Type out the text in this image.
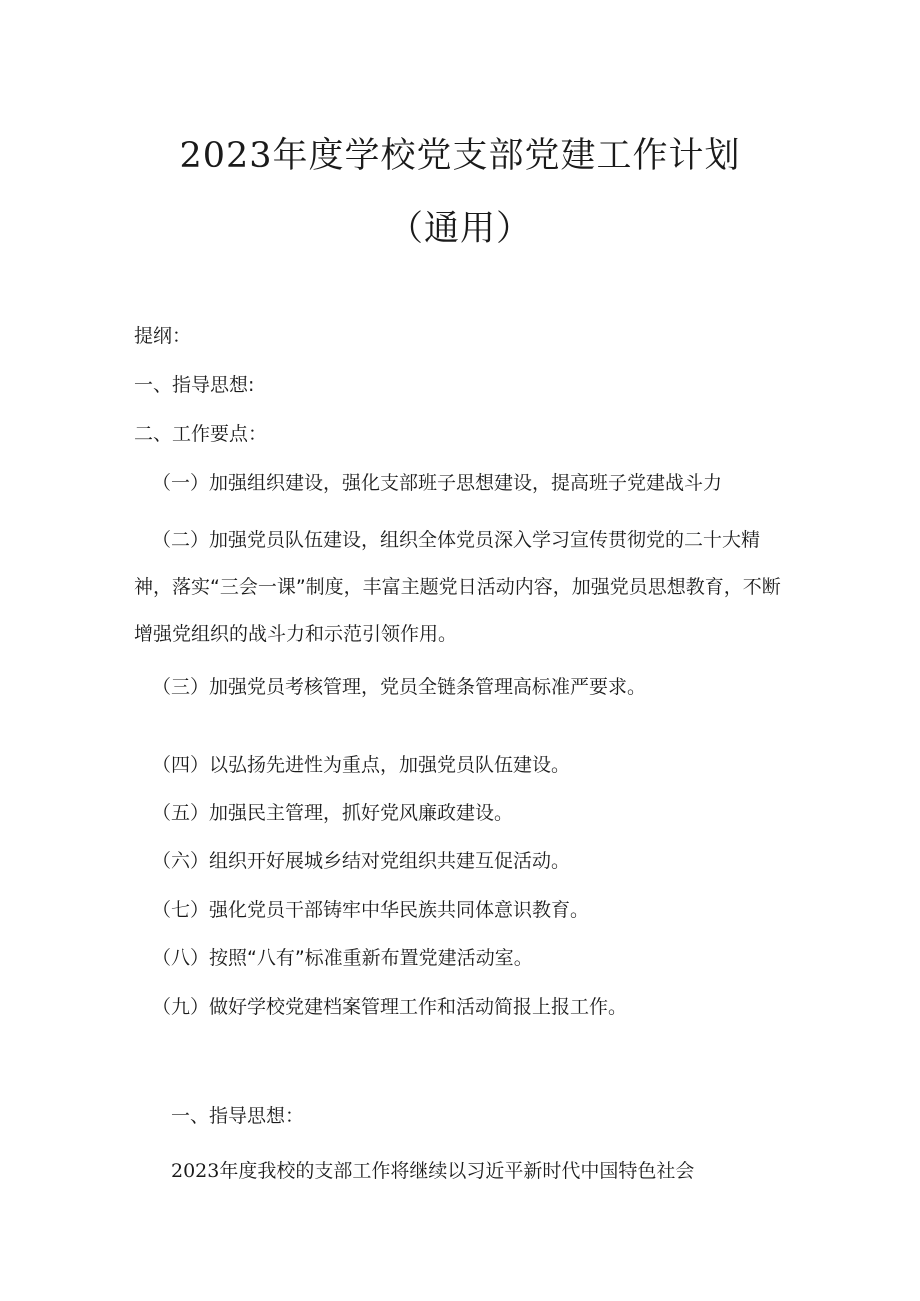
2023年度学校党支部党建工作计划
（通用）
提纲：
一、指导思想:
二、工作要点：
（一）加强组织建设，强化支部班子思想建设，提高班子党建战斗力
（二）加强党员队伍建设，组织全体党员深入学习宣传贯彻党的二十大精神，落实“三会一课”制度，丰富主题党日活动内容，加强党员思想教育，不断增强党组织的战斗力和示范引领作用。
（三）加强党员考核管理，党员全链条管理高标准严要求。
（四）以弘扬先进性为重点，加强党员队伍建设。
（五）加强民主管理，抓好党风廉政建设。
（六）组织开好展城乡结对党组织共建互促活动。
（七）强化党员干部铸牢中华民族共同体意识教育。
（八）按照“八有”标准重新布置党建活动室。
（九）做好学校党建档案管理工作和活动简报上报工作。
一、指导思想：
2023年度我校的支部工作将继续以习近平新时代中国特色社会
